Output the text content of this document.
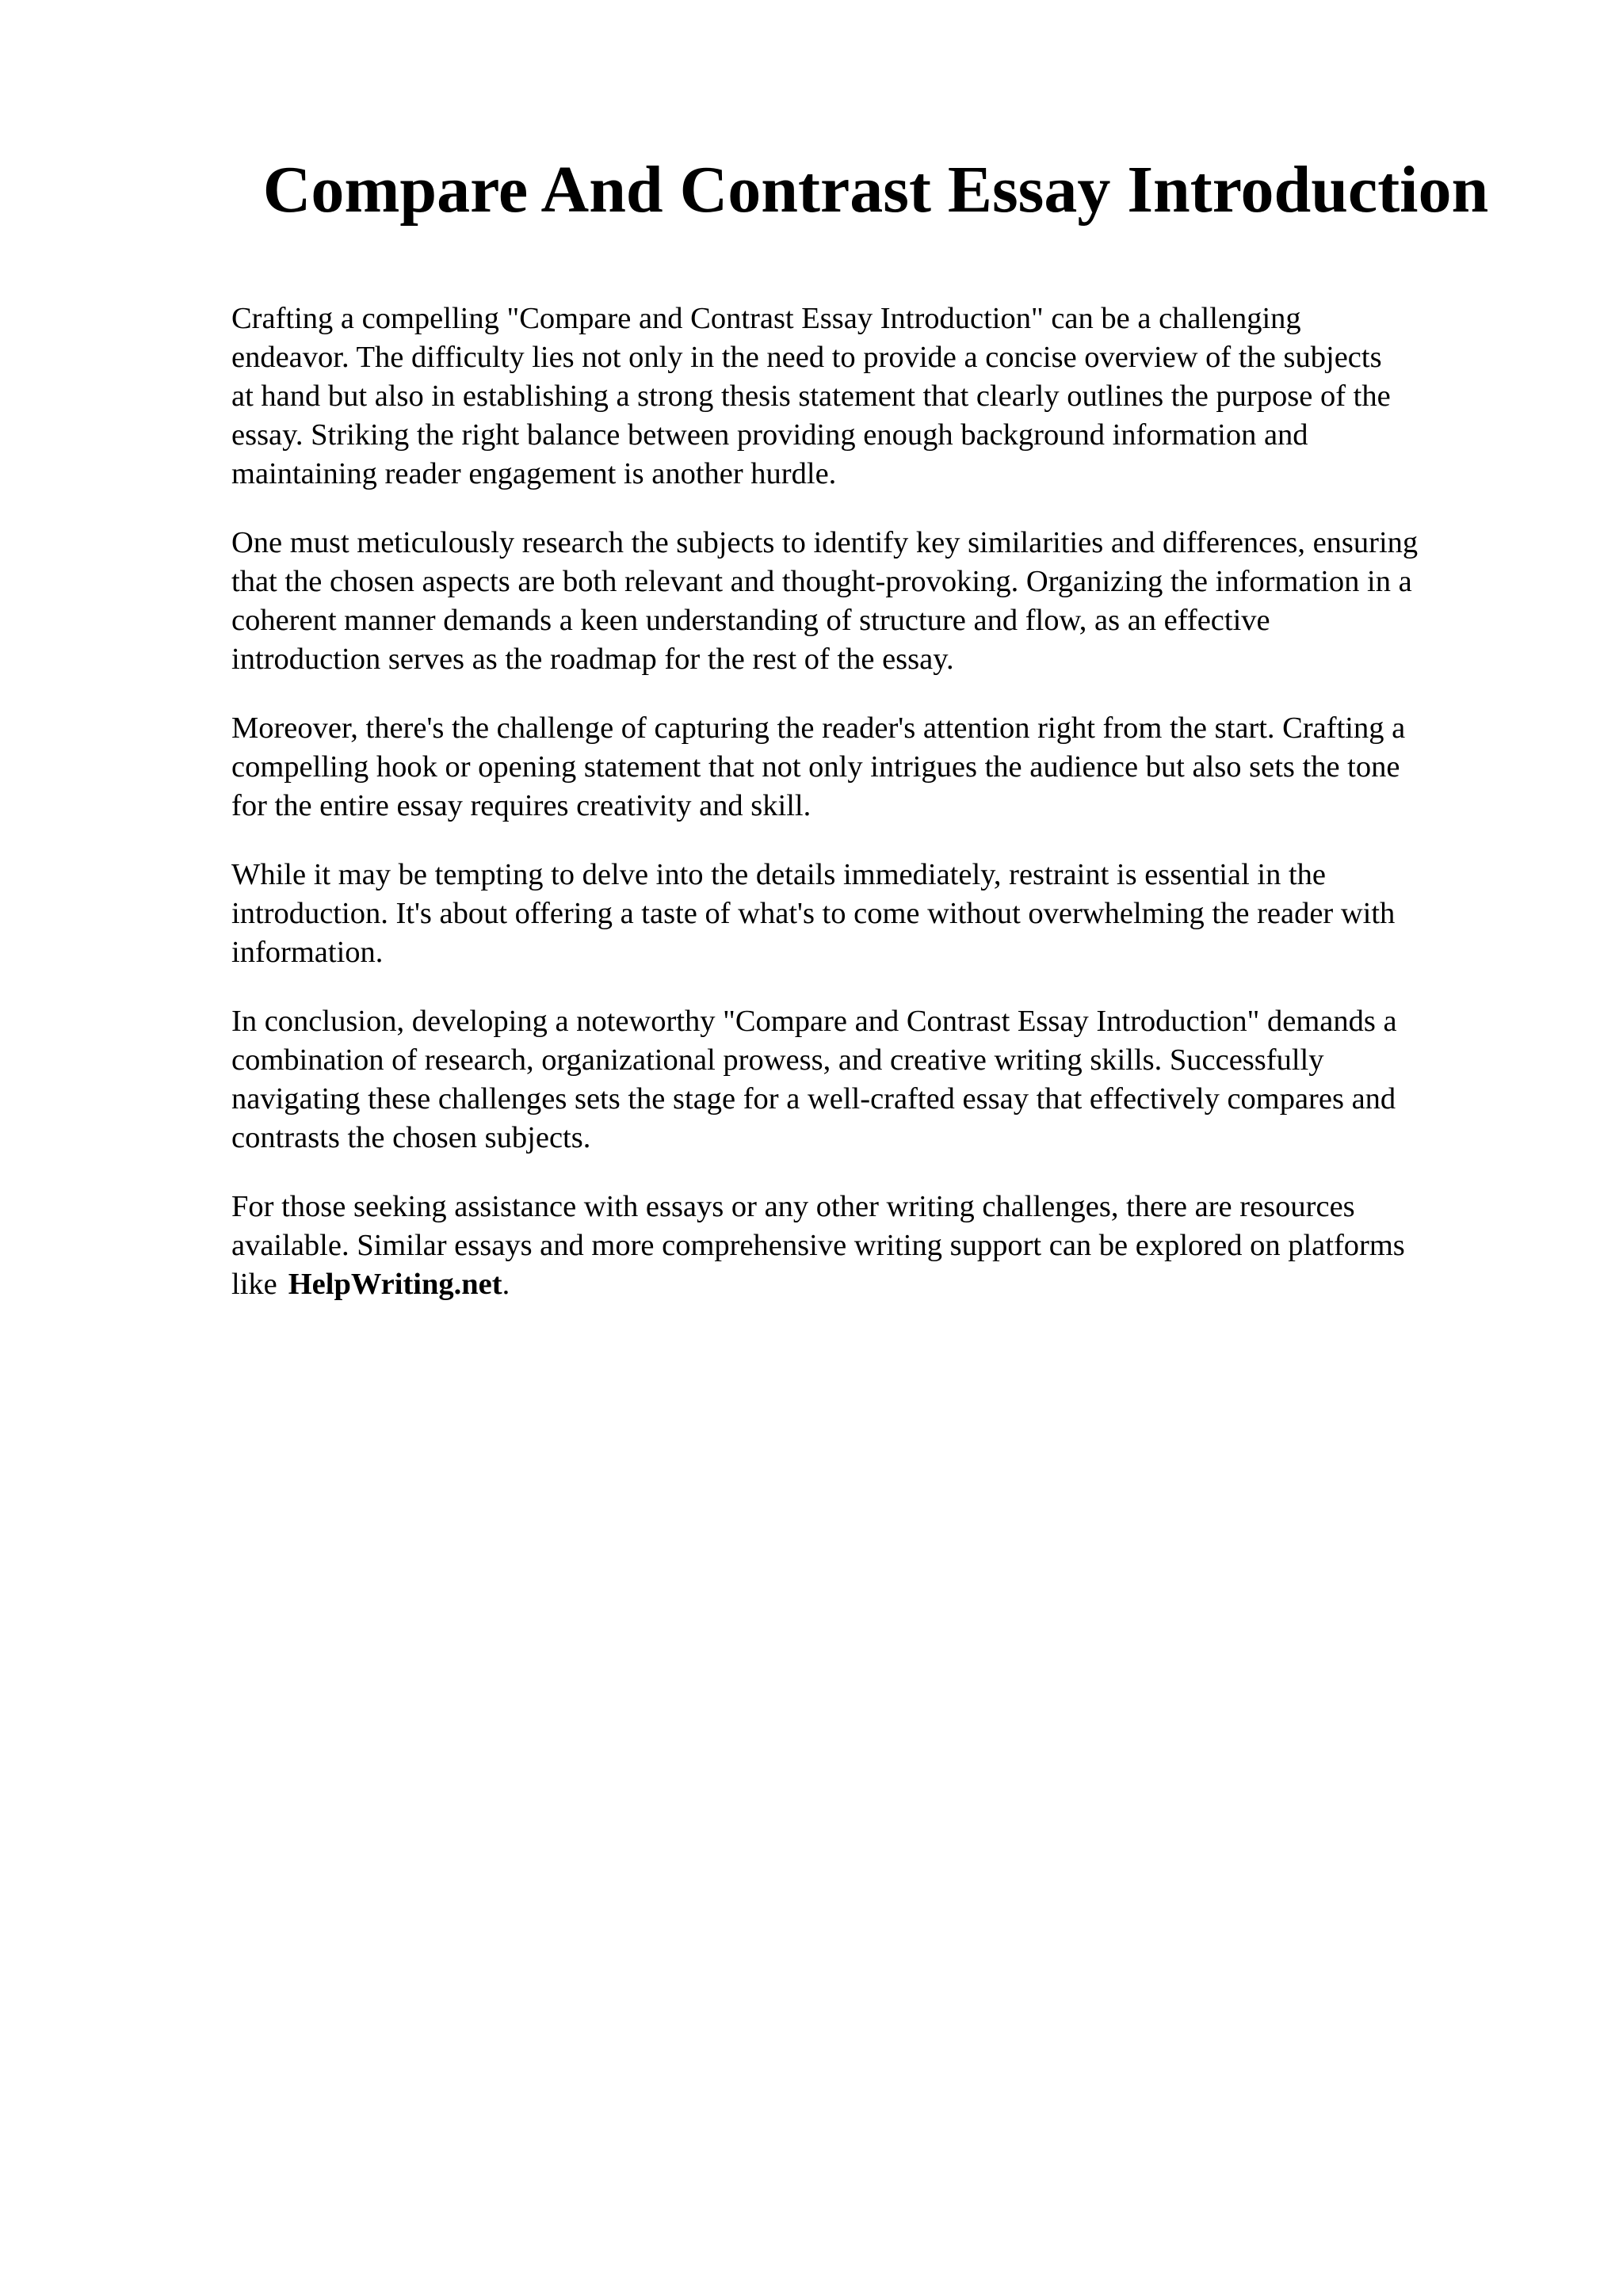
Compare And Contrast Essay Introduction

Crafting a compelling "Compare and Contrast Essay Introduction" can be a challenging
endeavor. The difficulty lies not only in the need to provide a concise overview of the subjects
at hand but also in establishing a strong thesis statement that clearly outlines the purpose of the
essay. Striking the right balance between providing enough background information and
maintaining reader engagement is another hurdle.

One must meticulously research the subjects to identify key similarities and differences, ensuring
that the chosen aspects are both relevant and thought-provoking. Organizing the information in a
coherent manner demands a keen understanding of structure and flow, as an effective
introduction serves as the roadmap for the rest of the essay.

Moreover, there's the challenge of capturing the reader's attention right from the start. Crafting a
compelling hook or opening statement that not only intrigues the audience but also sets the tone
for the entire essay requires creativity and skill.

While it may be tempting to delve into the details immediately, restraint is essential in the
introduction. It's about offering a taste of what's to come without overwhelming the reader with
information.

In conclusion, developing a noteworthy "Compare and Contrast Essay Introduction" demands a
combination of research, organizational prowess, and creative writing skills. Successfully
navigating these challenges sets the stage for a well-crafted essay that effectively compares and
contrasts the chosen subjects.

For those seeking assistance with essays or any other writing challenges, there are resources
available. Similar essays and more comprehensive writing support can be explored on platforms
like HelpWriting.net.
